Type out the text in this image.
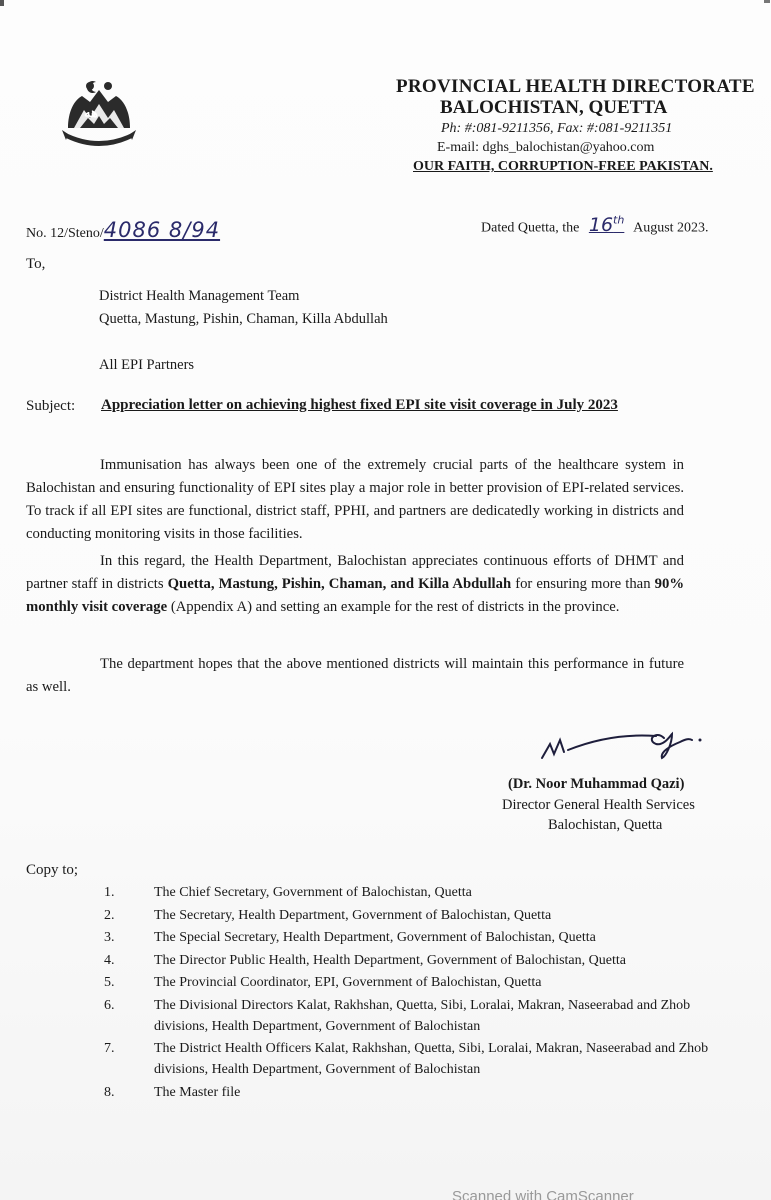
ﻫﻪ
PROVINCIAL HEALTH DIRECTORATE
BALOCHISTAN, QUETTA
Ph: #:081-9211356, Fax: #:081-9211351
E-mail: dghs_balochistan@yahoo.com
OUR FAITH, CORRUPTION-FREE PAKISTAN.
No. 12/Steno/4086 8/94	Dated Quetta, the 16th August 2023.
To,
District Health Management Team
Quetta, Mastung, Pishin, Chaman, Killa Abdullah
All EPI Partners
Subject: Appreciation letter on achieving highest fixed EPI site visit coverage in July 2023
Immunisation has always been one of the extremely crucial parts of the healthcare system in Balochistan and ensuring functionality of EPI sites play a major role in better provision of EPI-related services. To track if all EPI sites are functional, district staff, PPHI, and partners are dedicatedly working in districts and conducting monitoring visits in those facilities.
In this regard, the Health Department, Balochistan appreciates continuous efforts of DHMT and partner staff in districts Quetta, Mastung, Pishin, Chaman, and Killa Abdullah for ensuring more than 90% monthly visit coverage (Appendix A) and setting an example for the rest of districts in the province.
The department hopes that the above mentioned districts will maintain this performance in future as well.
(Dr. Noor Muhammad Qazi)
Director General Health Services
Balochistan, Quetta
Copy to;
1.	The Chief Secretary, Government of Balochistan, Quetta
2.	The Secretary, Health Department, Government of Balochistan, Quetta
3.	The Special Secretary, Health Department, Government of Balochistan, Quetta
4.	The Director Public Health, Health Department, Government of Balochistan, Quetta
5.	The Provincial Coordinator, EPI, Government of Balochistan, Quetta
6.	The Divisional Directors Kalat, Rakhshan, Quetta, Sibi, Loralai, Makran, Naseerabad and Zhob divisions, Health Department, Government of Balochistan
7.	The District Health Officers Kalat, Rakhshan, Quetta, Sibi, Loralai, Makran, Naseerabad and Zhob divisions, Health Department, Government of Balochistan
8.	The Master file
Scanned with CamScanner
